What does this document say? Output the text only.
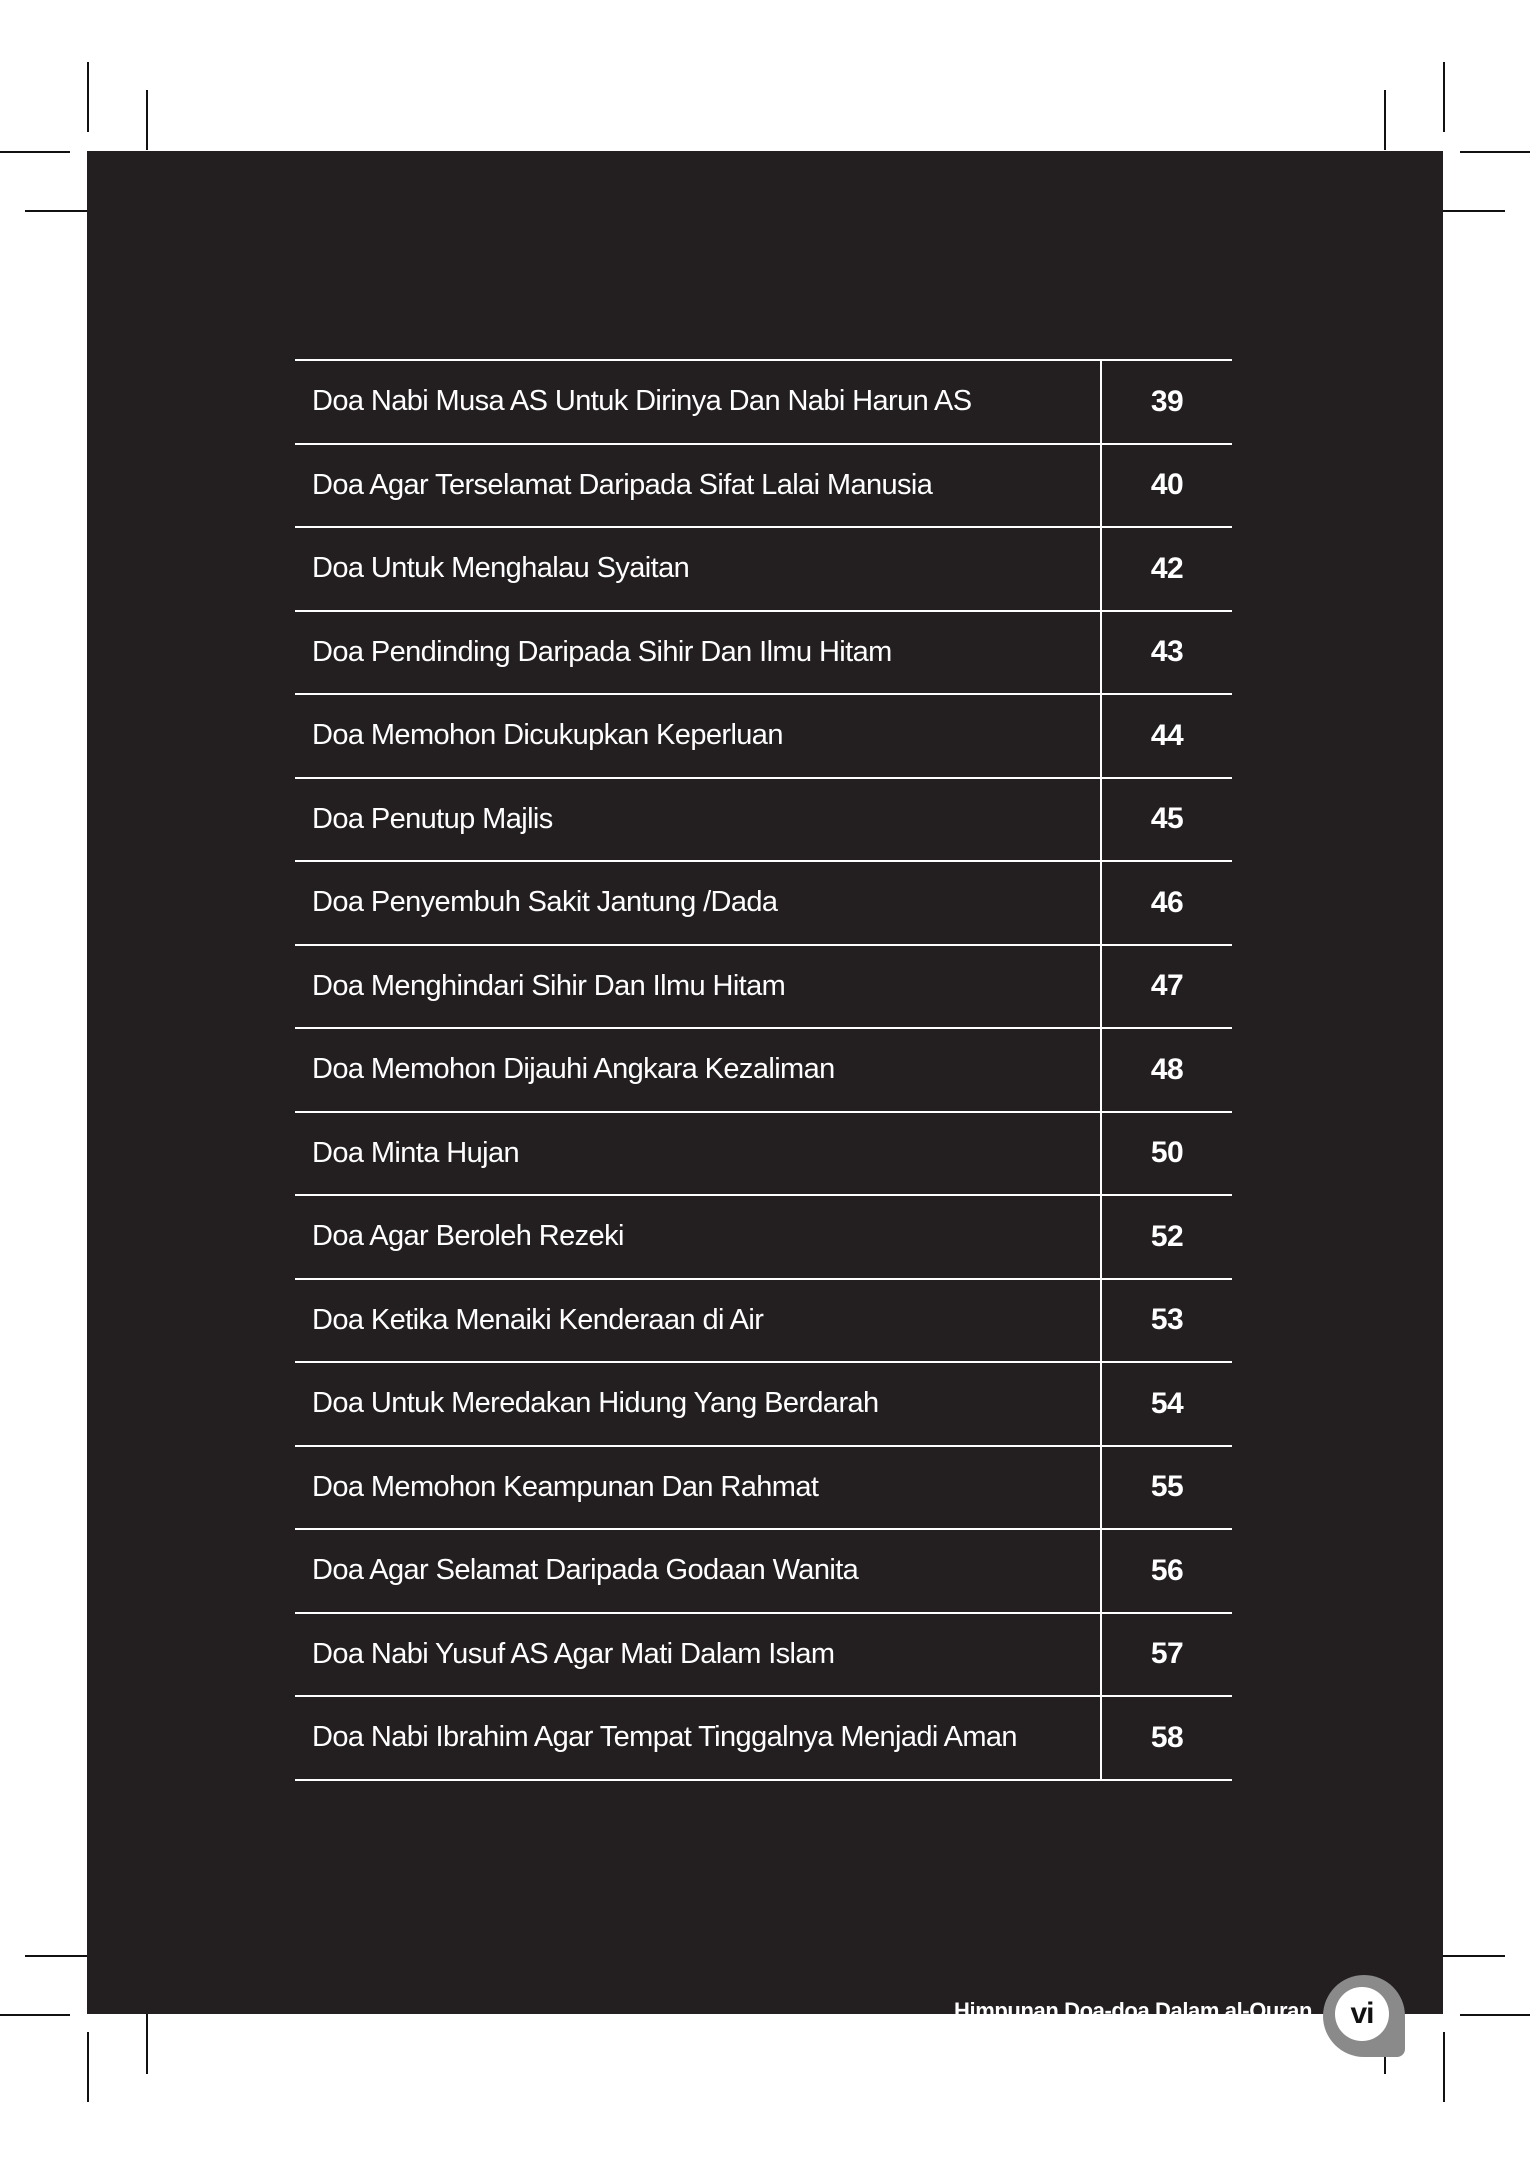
Doa Nabi Musa AS Untuk Dirinya Dan Nabi Harun AS	39
Doa Agar Terselamat Daripada Sifat Lalai Manusia	40
Doa Untuk Menghalau Syaitan	42
Doa Pendinding Daripada Sihir Dan Ilmu Hitam	43
Doa Memohon Dicukupkan Keperluan	44
Doa Penutup Majlis	45
Doa Penyembuh Sakit Jantung /Dada	46
Doa Menghindari Sihir Dan Ilmu Hitam	47
Doa Memohon Dijauhi Angkara Kezaliman	48
Doa Minta Hujan	50
Doa Agar Beroleh Rezeki	52
Doa Ketika Menaiki Kenderaan di Air	53
Doa Untuk Meredakan Hidung Yang Berdarah	54
Doa Memohon Keampunan Dan Rahmat	55
Doa Agar Selamat Daripada Godaan Wanita	56
Doa Nabi Yusuf AS Agar Mati Dalam Islam	57
Doa Nabi Ibrahim Agar Tempat Tinggalnya Menjadi Aman	58
Himpunan Doa-doa Dalam al-Quran	vi
